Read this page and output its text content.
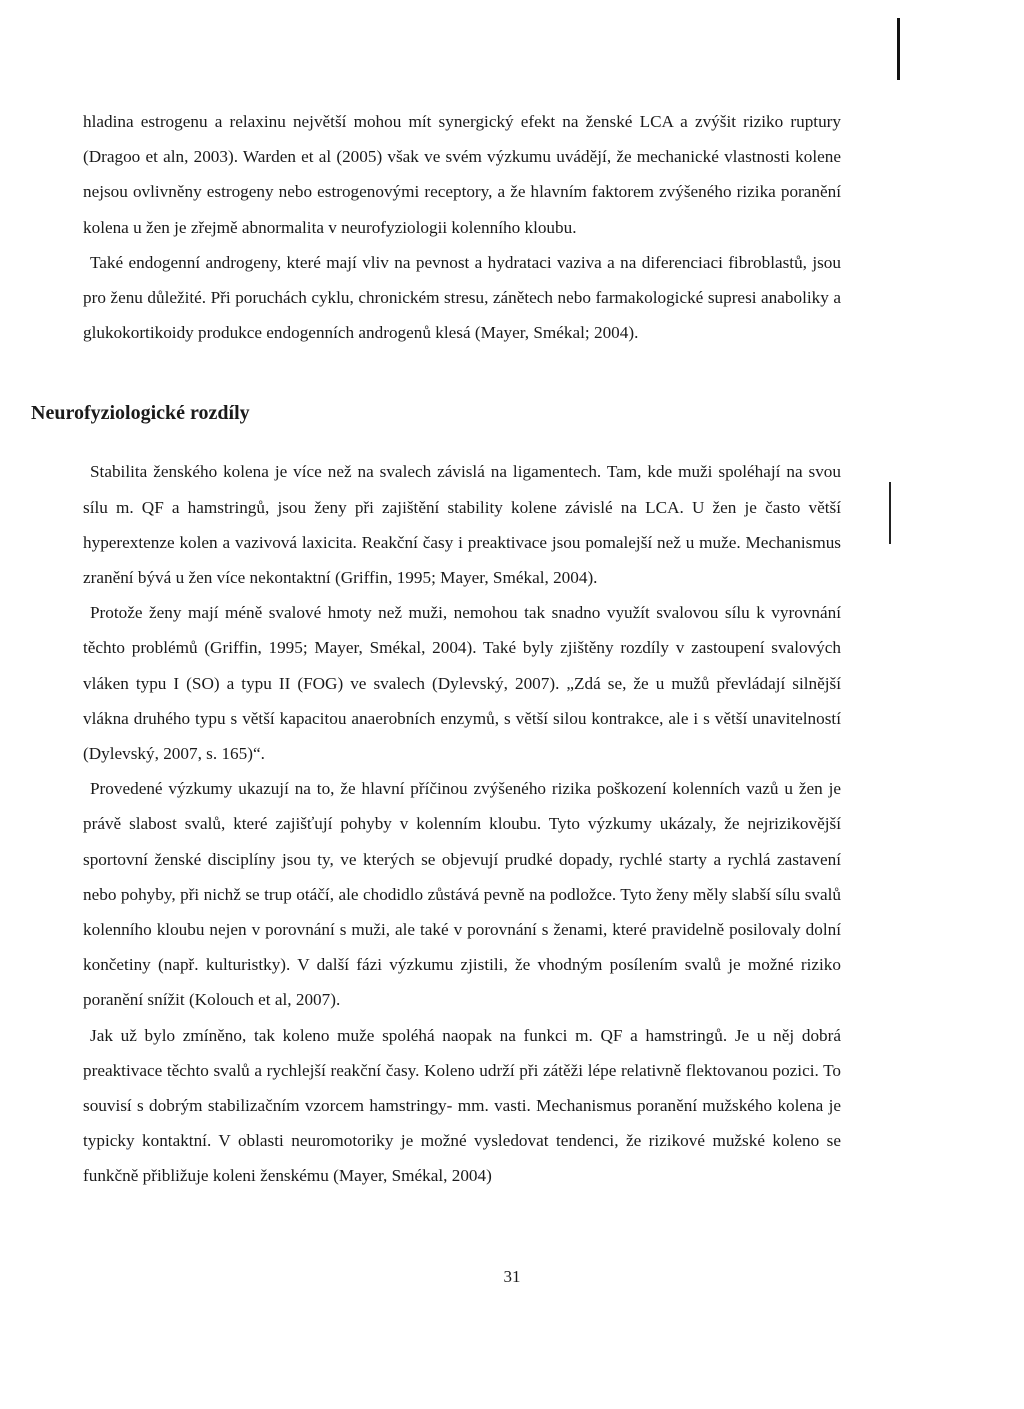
hladina estrogenu a relaxinu největší mohou mít synergický efekt na ženské LCA a zvýšit riziko ruptury (Dragoo et aln, 2003). Warden et al (2005) však ve svém výzkumu uvádějí, že mechanické vlastnosti kolene nejsou ovlivněny estrogeny nebo estrogenovými receptory, a že hlavním faktorem zvýšeného rizika poranění kolena u žen je zřejmě abnormalita v neurofyziologii kolenního kloubu.

Také endogenní androgeny, které mají vliv na pevnost a hydrataci vaziva a na diferenciaci fibroblastů, jsou pro ženu důležité. Při poruchách cyklu, chronickém stresu, zánětech nebo farmakologické supresi anaboliky a glukokortikoidy produkce endogenních androgenů klesá (Mayer, Smékal; 2004).

Neurofyziologické rozdíly

Stabilita ženského kolena je více než na svalech závislá na ligamentech. Tam, kde muži spoléhají na svou sílu m. QF a hamstringů, jsou ženy při zajištění stability kolene závislé na LCA. U žen je často větší hyperextenze kolen a vazivová laxicita. Reakční časy i preaktivace jsou pomalejší než u muže. Mechanismus zranění bývá u žen více nekontaktní (Griffin, 1995; Mayer, Smékal, 2004).

Protože ženy mají méně svalové hmoty než muži, nemohou tak snadno využít svalovou sílu k vyrovnání těchto problémů (Griffin, 1995; Mayer, Smékal, 2004). Také byly zjištěny rozdíly v zastoupení svalových vláken typu I (SO) a typu II (FOG) ve svalech (Dylevský, 2007). „Zdá se, že u mužů převládají silnější vlákna druhého typu s větší kapacitou anaerobních enzymů, s větší silou kontrakce, ale i s větší unavitelností (Dylevský, 2007, s. 165)“.

Provedené výzkumy ukazují na to, že hlavní příčinou zvýšeného rizika poškození kolenních vazů u žen je právě slabost svalů, které zajišťují pohyby v kolenním kloubu. Tyto výzkumy ukázaly, že nejrizikovější sportovní ženské disciplíny jsou ty, ve kterých se objevují prudké dopady, rychlé starty a rychlá zastavení nebo pohyby, při nichž se trup otáčí, ale chodidlo zůstává pevně na podložce. Tyto ženy měly slabší sílu svalů kolenního kloubu nejen v porovnání s muži, ale také v porovnání s ženami, které pravidelně posilovaly dolní končetiny (např. kulturistky). V další fázi výzkumu zjistili, že vhodným posílením svalů je možné riziko poranění snížit (Kolouch et al, 2007).

Jak už bylo zmíněno, tak koleno muže spoléhá naopak na funkci m. QF a hamstringů. Je u něj dobrá preaktivace těchto svalů a rychlejší reakční časy. Koleno udrží při zátěži lépe relativně flektovanou pozici. To souvisí s dobrým stabilizačním vzorcem hamstringy- mm. vasti. Mechanismus poranění mužského kolena je typicky kontaktní. V oblasti neuromotoriky je možné vysledovat tendenci, že rizikové mužské koleno se funkčně přibližuje koleni ženskému (Mayer, Smékal, 2004)

31
